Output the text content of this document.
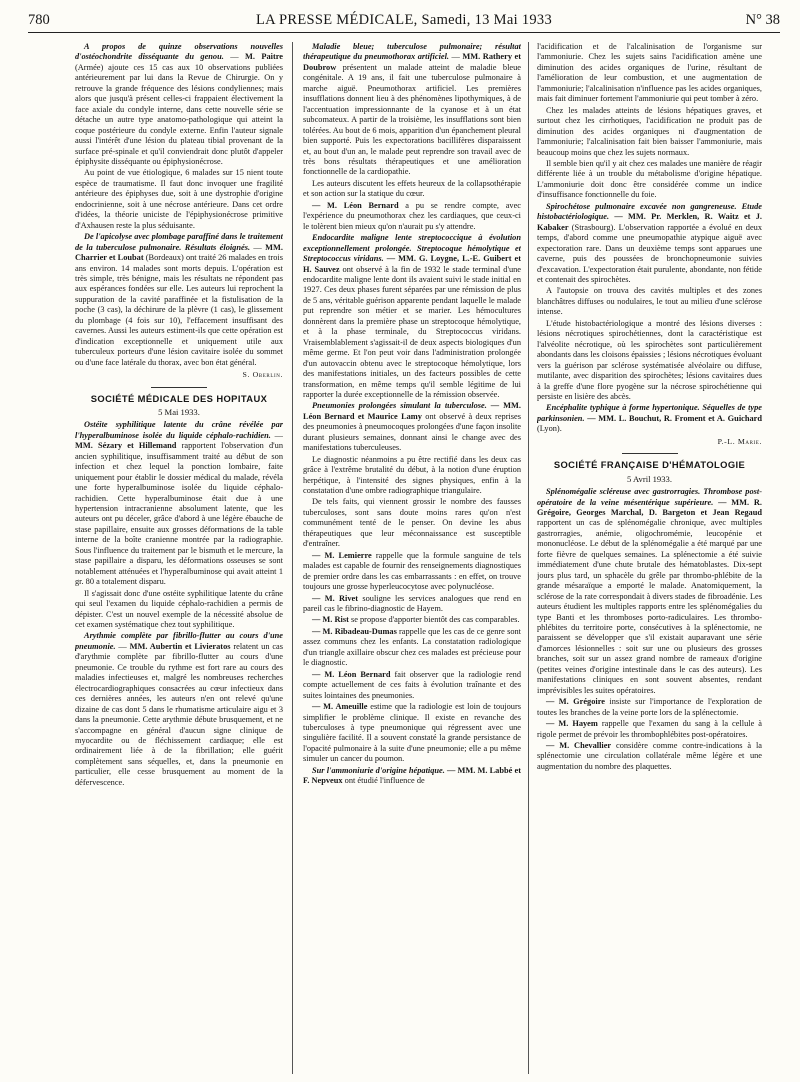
780	LA PRESSE MÉDICALE, Samedi, 13 Mai 1933	N° 38

A propos de quinze observations nouvelles d'ostéochondrite disséquante du genou. — M. Paitre (Armée) ajoute ces 15 cas aux 10 observations publiées antérieurement par lui dans la Revue de Chirurgie. On y retrouve la grande fréquence des lésions condyliennes; mais alors que jusqu'à présent celles-ci frappaient électivement la face axiale du condyle interne, dans cette nouvelle série se détache un autre type anatomo-pathologique qui atteint la coque postérieure du condyle externe. Enfin l'auteur signale aussi l'intérêt d'une lésion du plateau tibial provenant de la surface pré-spinale et qu'il conviendrait donc plutôt d'appeler épiphysite disséquante ou épiphysionécrose.

Au point de vue étiologique, 6 malades sur 15 nient toute espèce de traumatisme. Il faut donc invoquer une fragilité antérieure des épiphyses due, soit à une dystrophie d'origine endocrinienne, soit à une nécrose antérieure. Dans cet ordre d'idées, la théorie uniciste de l'épiphysionécrose primitive d'Axhausen reste la plus séduisante.

De l'apicolyse avec plombage paraffiné dans le traitement de la tuberculose pulmonaire. Résultats éloignés. — MM. Charrier et Loubat (Bordeaux) ont traité 26 malades en trois ans environ. 14 malades sont morts depuis. L'opération est très simple, très bénigne, mais les résultats ne répondent pas aux espérances fondées sur elle. Les auteurs lui reprochent la suppuration de la cavité paraffinée et la fistulisation de la poche (3 cas), la déchirure de la plèvre (1 cas), le glissement du plombage (4 fois sur 10), l'effacement insuffisant des cavernes. Aussi les auteurs estiment-ils que cette opération est d'indication exceptionnelle et uniquement utile aux tuberculeux porteurs d'une lésion cavitaire isolée du sommet ou d'une face latérale du thorax, avec bon état général.

S. Oberlin.
SOCIÉTÉ MÉDICALE DES HOPITAUX
5 Mai 1933.

Ostéite syphilitique latente du crâne révélée par l'hyperalbuminose isolée du liquide céphalo-rachidien. — MM. Sézary et Hillemand rapportent l'observation d'un ancien syphilitique, insuffisamment traité au début de son infection et chez lequel la ponction lombaire, faite uniquement pour établir le dossier médical du malade, révéla une forte hyperalbuminose isolée du liquide céphalo-rachidien. Cette hyperalbuminose était due à une hypertension intracranienne absolument latente, que les auteurs ont pu déceler, grâce d'abord à une légère ébauche de stase papillaire, ensuite aux grosses déformations de la table interne de la boîte cranienne montrée par la radiographie. Sous l'influence du traitement par le bismuth et le mercure, la stase papillaire a disparu, les déformations osseuses se sont notablement atténuées et l'hyperalbuminose qui avait atteint 1 gr. 80 a totalement disparu.

Il s'agissait donc d'une ostéite syphilitique latente du crâne qui seul l'examen du liquide céphalo-rachidien a permis de dépister. C'est un nouvel exemple de la nécessité absolue de cet examen systématique chez tout syphilitique.

Arythmie complète par fibrillo-flutter au cours d'une pneumonie. — MM. Aubertin et Livieratos relatent un cas d'arythmie complète par fibrillo-flutter au cours d'une pneumonie. Ce trouble du rythme est fort rare au cours des maladies infectieuses et, malgré les nombreuses recherches électrocardiographiques consacrées au cœur infectieux dans ces dernières années, les auteurs n'en ont relevé qu'une dizaine de cas dont 5 dans le rhumatisme articulaire aigu et 3 dans la pneumonie. Cette arythmie débute brusquement, et ne s'accompagne en général d'aucun signe clinique de myocardite ou de fléchissement cardiaque; elle est ordinairement liée à de la fibrillation; elle guérit complètement sans séquelles, et, dans la pneumonie en particulier, elle cesse brusquement au moment de la défervescence.

Maladie bleue; tuberculose pulmonaire; résultat thérapeutique du pneumothorax artificiel. — MM. Rathery et Doubrow présentent un malade atteint de maladie bleue congénitale. A 19 ans, il fait une tuberculose pulmonaire à marche aiguë. Pneumothorax artificiel. Les premières insufflations donnent lieu à des phénomènes lipothymiques, à de l'accentuation impressionnante de la cyanose et à un état subcomateux. A partir de la troisième, les insufflations sont bien tolérées. Au bout de 6 mois, apparition d'un épanchement pleural bien supporté. Puis les expectorations bacillifères disparaissent et, au bout d'un an, le malade peut reprendre son travail avec de très bons résultats thérapeutiques et une amélioration fonctionnelle de la cardiopathie.

Les auteurs discutent les effets heureux de la collapsothérapie et son action sur la statique du cœur.

— M. Léon Bernard a pu se rendre compte, avec l'expérience du pneumothorax chez les cardiaques, que ceux-ci le tolèrent bien mieux qu'on n'aurait pu s'y attendre.

Endocardite maligne lente streptococcique à évolution exceptionnellement prolongée. Streptocoque hémolytique et Streptococcus viridans. — MM. G. Loygne, L.-E. Guibert et H. Sauvez ont observé à la fin de 1932 le stade terminal d'une endocardite maligne lente dont ils avaient suivi le stade initial en 1927. Ces deux phases furent séparées par une rémission de plus de 5 ans, véritable guérison apparente pendant laquelle le malade put reprendre son métier et se marier. Les hémocultures donnèrent dans la première phase un streptocoque hémolytique, et à la phase terminale, du Streptococcus viridans. Vraisemblablement s'agissait-il de deux aspects biologiques d'un même germe. Et l'on peut voir dans l'administration prolongée d'un autovaccin obtenu avec le streptocoque hémolytique, lors des manifestations initiales, un des facteurs possibles de cette transformation, en même temps qu'il semble légitime de lui rapporter la durée exceptionnelle de la rémission observée.

Pneumonies prolongées simulant la tuberculose. — MM. Léon Bernard et Maurice Lamy ont observé à deux reprises des pneumonies à pneumocoques prolongées d'une façon insolite durant plusieurs semaines, donnant ainsi le change avec des manifestations tuberculeuses.

Le diagnostic néanmoins a pu être rectifié dans les deux cas grâce à l'extrême brutalité du début, à la notion d'une éruption herpétique, à l'intensité des signes physiques, enfin à la constatation d'une ombre radiographique triangulaire.

De tels faits, qui viennent grossir le nombre des fausses tuberculoses, sont sans doute moins rares qu'on n'est communément tenté de le penser. On devine les abus thérapeutiques que leur méconnaissance est susceptible d'entraîner.

— M. Lemierre rappelle que la formule sanguine de tels malades est capable de fournir des renseignements diagnostiques de premier ordre dans les cas embarrassants : en effet, on trouve toujours une grosse hyperleucocytose avec polynucléose.

— M. Rivet souligne les services analogues que rend en pareil cas le fibrino-diagnostic de Hayem.

— M. Rist se propose d'apporter bientôt des cas comparables.

— M. Ribadeau-Dumas rappelle que les cas de ce genre sont assez communs chez les enfants. La constatation radiologique d'un triangle axillaire obscur chez ces malades est précieuse pour le diagnostic.

— M. Léon Bernard fait observer que la radiologie rend compte actuellement de ces faits à évolution traînante et des suites lointaines des pneumonies.

— M. Ameuille estime que la radiologie est loin de toujours simplifier le problème clinique. Il existe en revanche des tuberculoses à type pneumonique qui régressent avec une singulière facilité. Il a souvent constaté la grande persistance de l'opacité pulmonaire à la suite d'une pneumonie; elle a pu même simuler un cancer du poumon.

Sur l'ammoniurie d'origine hépatique. — MM. M. Labbé et F. Nepveux ont étudié l'influence de

l'acidification et de l'alcalinisation de l'organisme sur l'ammoniurie. Chez les sujets sains l'acidification amène une diminution des acides organiques de l'urine, résultant de l'amélioration de leur combustion, et une augmentation de l'ammoniurie; l'alcalinisation n'influence pas les acides organiques, mais fait diminuer fortement l'ammoniurie qui peut tomber à zéro.

Chez les malades atteints de lésions hépatiques graves, et surtout chez les cirrhotiques, l'acidification ne produit pas de diminution des acides organiques ni d'augmentation de l'ammoniurie; l'alcalinisation fait bien baisser l'ammoniurie, mais beaucoup moins que chez les sujets normaux.

Il semble bien qu'il y ait chez ces malades une manière de réagir différente liée à un trouble du métabolisme d'origine hépatique. L'ammoniurie doit donc être considérée comme un indice d'insuffisance fonctionnelle du foie.

Spirochétose pulmonaire excavée non gangreneuse. Etude histobactériologique. — MM. Pr. Merklen, R. Waitz et J. Kabaker (Strasbourg). L'observation rapportée a évolué en deux temps, d'abord comme une pneumopathie atypique aiguë avec expectoration rare. Dans un deuxième temps sont apparues une caverne, puis des poussées de bronchopneumonie suivies d'excavation. L'expectoration était purulente, abondante, non fétide et contenait des spirochètes.

A l'autopsie on trouva des cavités multiples et des zones blanchâtres diffuses ou nodulaires, le tout au milieu d'une sclérose intense.

L'étude histobactériologique a montré des lésions diverses : lésions nécrotiques spirochétiennes, dont la caractéristique est l'alvéolite nécrotique, où les spirochètes sont particulièrement abondants dans les cloisons épaissies ; lésions nécrotiques évoluant vers la guérison par sclérose systématisée alvéolaire ou diffuse, mutilante, avec disparition des spirochètes; lésions cavitaires dues à la greffe d'une flore pyogène sur la nécrose spirochétienne qui persiste en lisière des abcès.

Encéphalite typhique à forme hypertonique. Séquelles de type parkinsonien. — MM. L. Bouchut, R. Froment et A. Guichard (Lyon).

P.-L. Marie.
SOCIÉTÉ FRANÇAISE D'HÉMATOLOGIE
5 Avril 1933.

Splénomégalie scléreuse avec gastrorragies. Thrombose post-opératoire de la veine mésentérique supérieure. — MM. R. Grégoire, Georges Marchal, D. Bargeton et Jean Regaud rapportent un cas de splénomégalie chronique, avec multiples gastrorragies, anémie, oligochromémie, leucopénie et mononucléose. Le début de la splénomégalie a été marqué par une forte fièvre de quelques semaines. La splénectomie a été suivie immédiatement d'une chute brutale des hématoblastes. Dix-sept jours plus tard, un sphacèle du grêle par thrombo-phlébite de la grande mésaraïque a emporté le malade. Anatomiquement, la sclérose de la rate correspondait à divers stades de fibroadénie. Les auteurs étudient les multiples rapports entre les splénomégalies du type Banti et les thromboses porto-radiculaires. Les thrombo-phlébites du territoire porte, consécutives à la splénectomie, ne paraissent se développer que s'il existait auparavant une série d'amorces lésionnelles : soit sur une ou plusieurs des grosses branches, soit sur un assez grand nombre de rameaux d'origine (petites veines d'origine intestinale dans le cas des auteurs). Les manifestations cliniques en sont souvent absentes, rendant imprévisibles les suites opératoires.

— M. Grégoire insiste sur l'importance de l'exploration de toutes les branches de la veine porte lors de la splénectomie.

— M. Hayem rappelle que l'examen du sang à la cellule à rigole permet de prévoir les thrombophlébites post-opératoires.

— M. Chevallier considère comme contre-indications à la splénectomie une circulation collatérale même légère et une augmentation du nombre des plaquettes.
